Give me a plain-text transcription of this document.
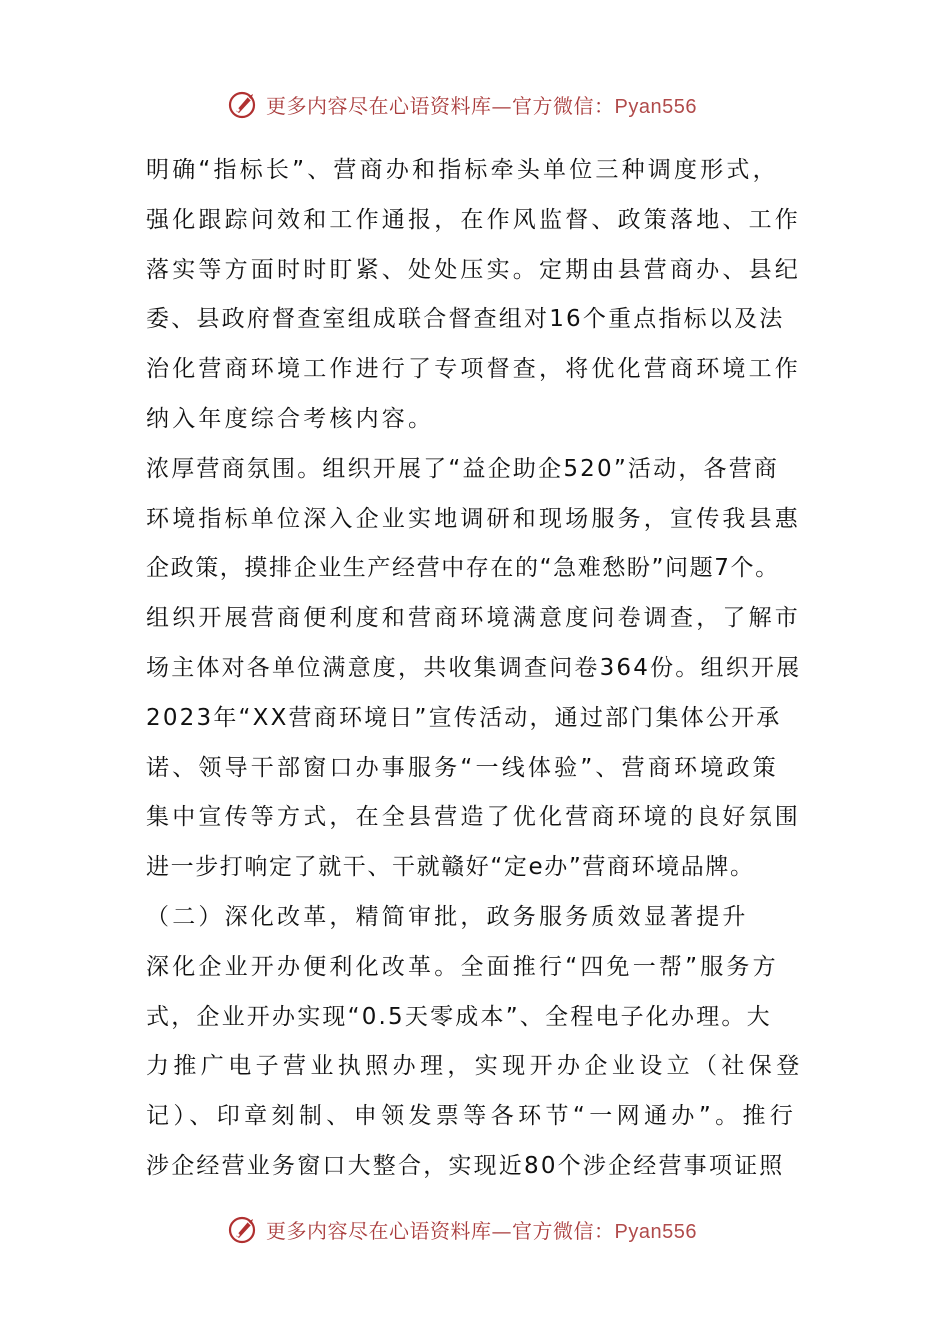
更多内容尽在心语资料库—官方微信：Pyan556
明确“指标长”、营商办和指标牵头单位三种调度形式，
强化跟踪问效和工作通报，在作风监督、政策落地、工作
落实等方面时时盯紧、处处压实。定期由县营商办、县纪
委、县政府督查室组成联合督查组对16个重点指标以及法
治化营商环境工作进行了专项督查，将优化营商环境工作
纳入年度综合考核内容。
浓厚营商氛围。组织开展了“益企助企520”活动，各营商
环境指标单位深入企业实地调研和现场服务，宣传我县惠
企政策，摸排企业生产经营中存在的“急难愁盼”问题7个。
组织开展营商便利度和营商环境满意度问卷调查，了解市
场主体对各单位满意度，共收集调查问卷364份。组织开展
2023年“XX营商环境日”宣传活动，通过部门集体公开承
诺、领导干部窗口办事服务“一线体验”、营商环境政策
集中宣传等方式，在全县营造了优化营商环境的良好氛围
进一步打响定了就干、干就赣好“定e办”营商环境品牌。
（二）深化改革，精简审批，政务服务质效显著提升
深化企业开办便利化改革。全面推行“四免一帮”服务方
式，企业开办实现“0.5天零成本”、全程电子化办理。大
力推广电子营业执照办理，实现开办企业设立（社保登
记）、印章刻制、申领发票等各环节“一网通办”。推行
涉企经营业务窗口大整合，实现近80个涉企经营事项证照
更多内容尽在心语资料库—官方微信：Pyan556
